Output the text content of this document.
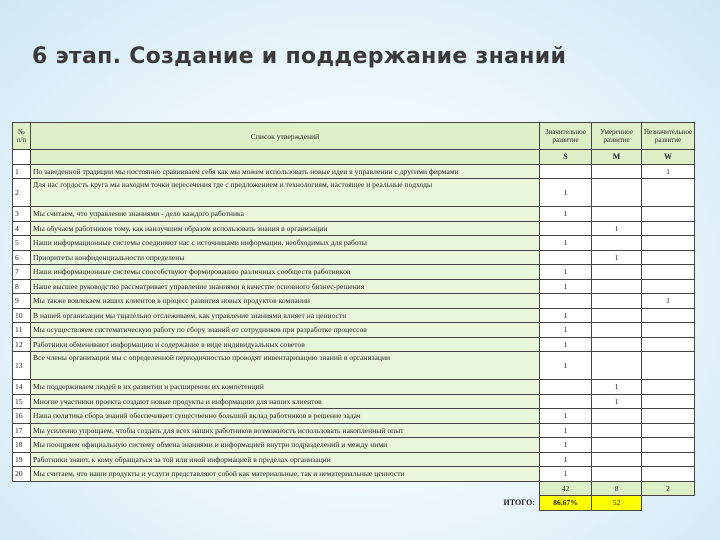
6 этап. Создание и поддержание знаний
№ п/п	Список утверждений	Значительное развитие	Умеренное развитие	Незначительное развитие
		S	M	W
1	По заведенной традиции мы постоянно сравниваем себя как мы можем использовать новые идеи в управлении с другими фирмами			1
2	Для нас гордость круга мы находим точки пересечения где с предложением и технологиям, настоящее и реальные подходы	1		
3	Мы считаем, что управление знаниями - дело каждого работника	1		
4	Мы обучаем работников тому, как наилучшим образом использовать знания в организации		1	
5	Наши информационные системы соединяют нас с источниками информации, необходимых для работы	1		
6	Приоритеты конфиденциальности определены		1	
7	Наши информационные системы способствуют формированию различных сообществ работников	1		
8	Наше высшее руководство рассматривает управление знаниями в качестве основного бизнес-решения	1		
9	Мы также вовлекаем наших клиентов в процесс развития новых продуктов компании			1
10	В нашей организации мы тщательно отслеживаем, как управление знаниями влияет на ценности	1		
11	Мы осуществляем систематическую работу по сбору знаний от сотрудников при разработке процессов	1		
12	Работники обменивают информацию и содержание в виде индивидуальных советов	1		
13	Все члены организации мы с определенной периодичностью проводят инвентаризацию знаний в организации	1		
14	Мы поддерживаем людей в их развитии и расширении их компетенций		1	
15	Многие участники проекта создают новые продукты и информацию для наших клиентов		1	
16	Наша политика сбора знаний обеспечивает существенно больший вклад работников в решение задач	1		
17	Мы усиленно упрощаем, чтобы создать для всех наших работников возможность использовать накопленный опыт	1		
18	Мы поощряем официальную систему обмена знаниями и информацией внутри подразделений и между ними	1		
19	Работники знают, к кому обращаться за той или иной информацией в пределах организации	1		
20	Мы считаем, что наши продукты и услуги представляют собой как материальные, так и нематериальные ценности	1		
		42	8	2
	ИТОГО:	86.67%	52	
